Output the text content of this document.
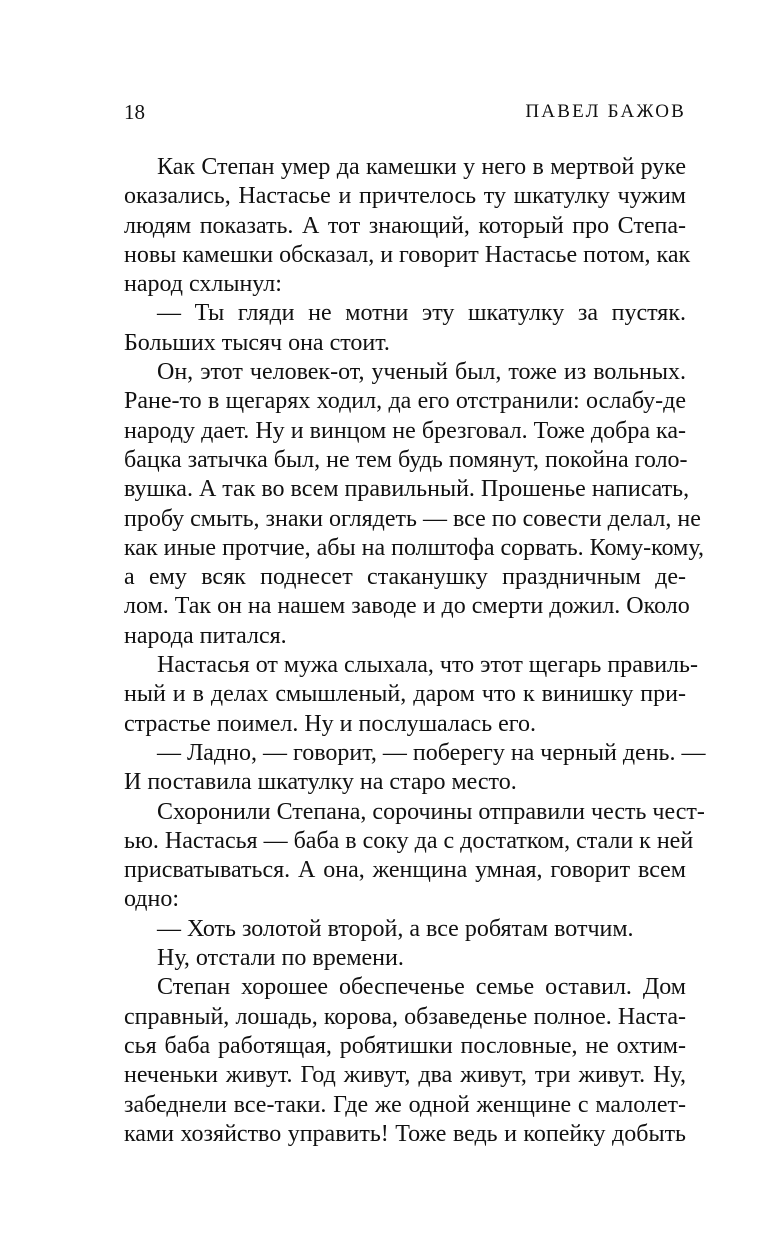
18	ПАВЕЛ БАЖОВ
Как Степан умер да камешки у него в мертвой руке
оказались, Настасье и причтелось ту шкатулку чужим
людям показать. А тот знающий, который про Степа-
новы камешки обсказал, и говорит Настасье потом, как
народ схлынул:
— Ты гляди не мотни эту шкатулку за пустяк.
Больших тысяч она стоит.
Он, этот человек-от, ученый был, тоже из вольных.
Ране-то в щегарях ходил, да его отстранили: ослабу-де
народу дает. Ну и винцом не брезговал. Тоже добра ка-
бацка затычка был, не тем будь помянут, покойна голо-
вушка. А так во всем правильный. Прошенье написать,
пробу смыть, знаки оглядеть — все по совести делал, не
как иные протчие, абы на полштофа сорвать. Кому-кому,
а ему всяк поднесет стаканушку праздничным де-
лом. Так он на нашем заводе и до смерти дожил. Около
народа питался.
Настасья от мужа слыхала, что этот щегарь правиль-
ный и в делах смышленый, даром что к винишку при-
страстье поимел. Ну и послушалась его.
— Ладно, — говорит, — поберегу на черный день. —
И поставила шкатулку на старо место.
Схоронили Степана, сорочины отправили честь чест-
ью. Настасья — баба в соку да с достатком, стали к ней
присватываться. А она, женщина умная, говорит всем
одно:
— Хоть золотой второй, а все робятам вотчим.
Ну, отстали по времени.
Степан хорошее обеспеченье семье оставил. Дом
справный, лошадь, корова, обзаведенье полное. Наста-
сья баба работящая, робятишки пословные, не охтим-
неченьки живут. Год живут, два живут, три живут. Ну,
забеднели все-таки. Где же одной женщине с малолет-
ками хозяйство управить! Тоже ведь и копейку добыть
